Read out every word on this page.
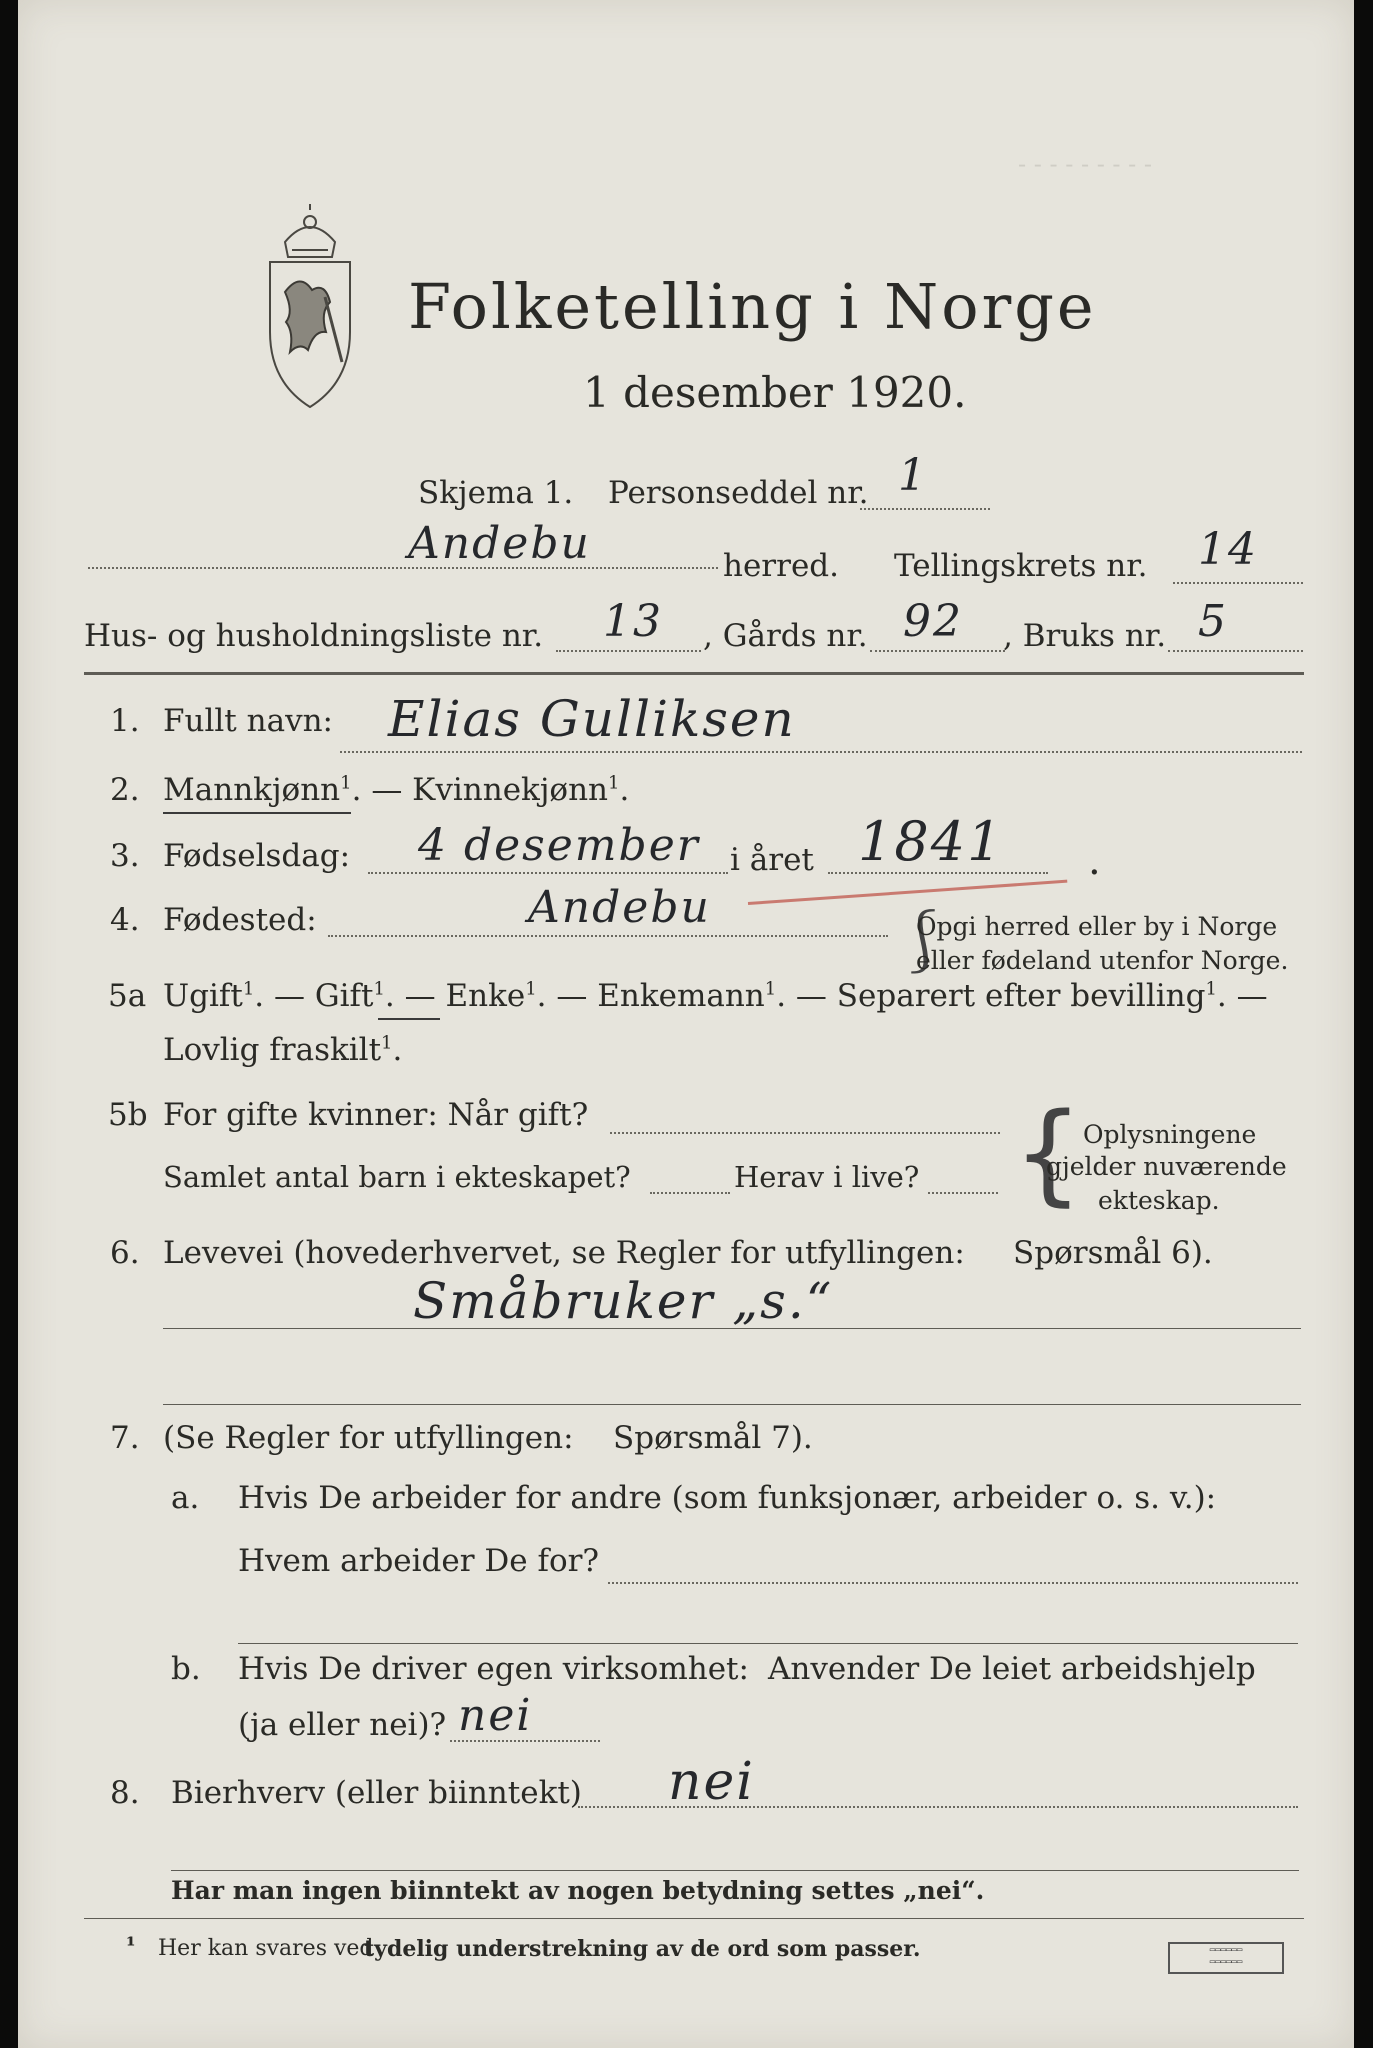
- - - - - - - - -
Folketelling i Norge
1 desember 1920.
Skjema 1. Personseddel nr. 1
Andebu	herred. Tellingskrets nr. 14
Hus- og husholdningsliste nr. 13 , Gårds nr. 92 , Bruks nr. 5
1. Fullt navn: Elias Gulliksen
2. Mannkjønn$^1$. — Kvinnekjønn$^1$.
3. Fødselsdag: 4 desember i året 1841 .
4. Fødested:	Andebu	⎰
Opgi herred eller by i Norge
eller fødeland utenfor Norge.
5a Ugift$^1$. — Gift$^1$. — Enke$^1$. — Enkemann$^1$. — Separert efter bevilling$^1$. —
Lovlig fraskilt$^1$.
5b For gifte kvinner: Når gift?
Samlet antal barn i ekteskapet?	Herav i live? { Oplysningene
gjelder nuværende
ekteskap.
6. Levevei (hovederhvervet, se Regler for utfyllingen: Spørsmål 6).
Småbruker „s.“
7. (Se Regler for utfyllingen: Spørsmål 7).
a. Hvis De arbeider for andre (som funksjonær, arbeider o. s. v.):
Hvem arbeider De for?
b. Hvis De driver egen virksomhet: Anvender De leiet arbeidshjelp
(ja eller nei)? nei
8. Bierhverv (eller biinntekt) nei
Har man ingen biinntekt av nogen betydning settes „nei“.
¹ Her kan svares ved
tydelig understrekning av de ord som passer.	▭▭▭▭▭▭
▭▭▭▭▭▭
